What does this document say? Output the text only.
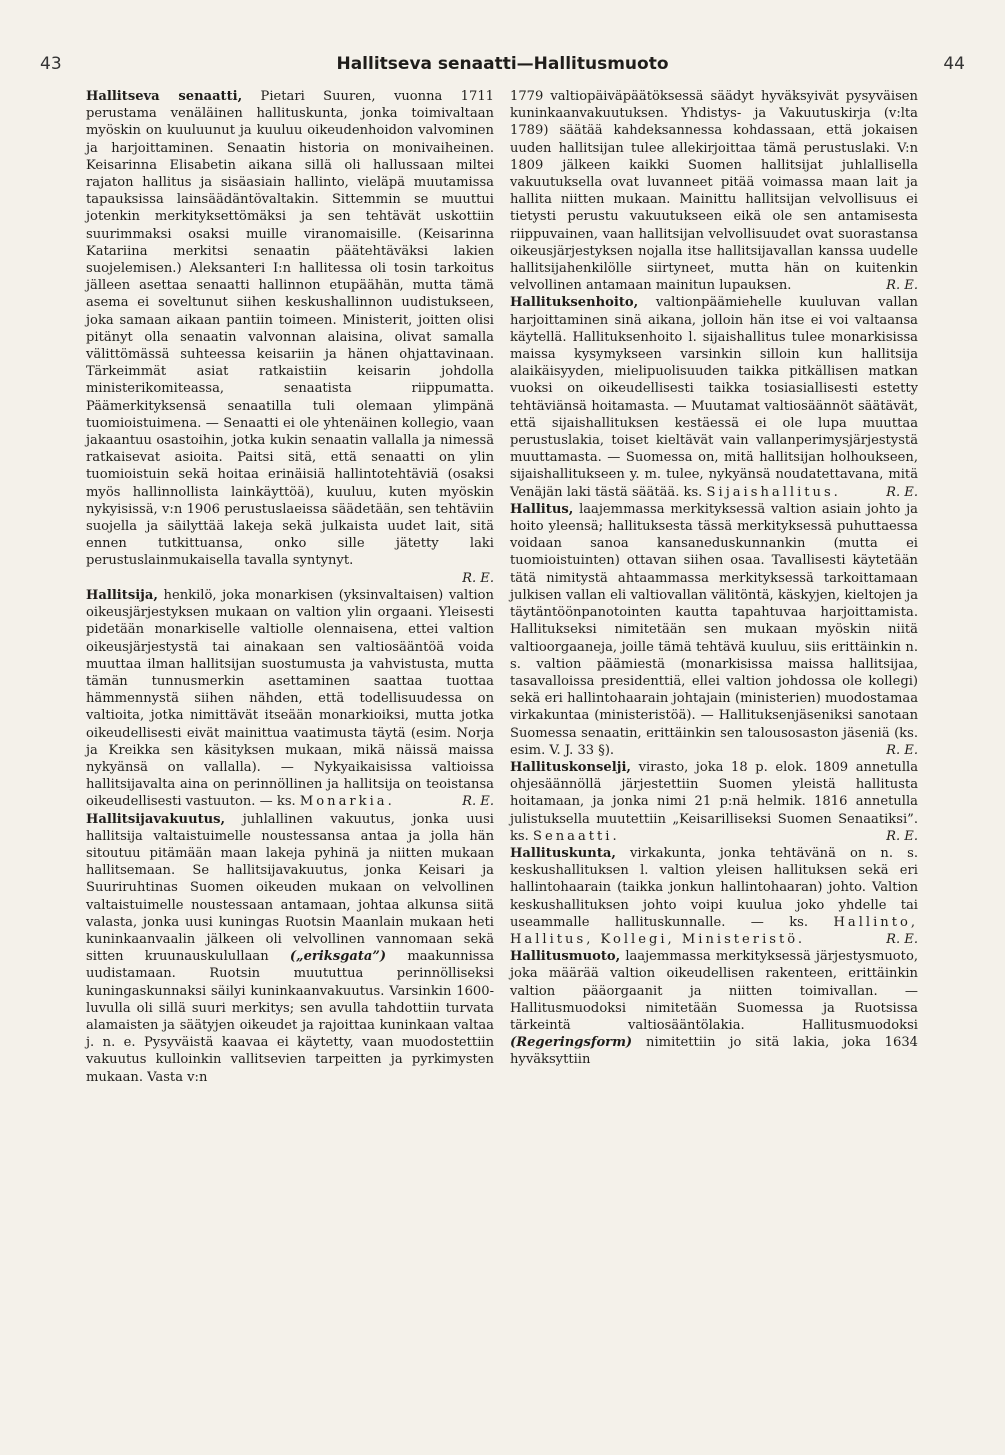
43	Hallitseva senaatti—Hallitusmuoto	44

Hallitseva senaatti, Pietari Suuren, vuonna 1711 perustama venäläinen hallituskunta, jonka toimivaltaan myöskin on kuuluunut ja kuuluu oikeudenhoidon valvominen ja harjoittaminen. Senaatin historia on monivaiheinen. Keisarinna Elisabetin aikana sillä oli hallussaan miltei rajaton hallitus ja sisäasiain hallinto, vieläpä muutamissa tapauksissa lainsäädäntövaltakin. Sittemmin se muuttui jotenkin merkityksettömäksi ja sen tehtävät uskottiin suurimmaksi osaksi muille viranomaisille. (Keisarinna Katariina merkitsi senaatin päätehtäväksi lakien suojelemisen.) Aleksanteri I:n hallitessa oli tosin tarkoitus jälleen asettaa senaatti hallinnon etupäähän, mutta tämä asema ei soveltunut siihen keskushallinnon uudistukseen, joka samaan aikaan pantiin toimeen. Ministerit, joitten olisi pitänyt olla senaatin valvonnan alaisina, olivat samalla välittömässä suhteessa keisariin ja hänen ohjattavinaan. Tärkeimmät asiat ratkaistiin keisarin johdolla ministerikomiteassa, senaatista riippumatta. Päämerkityksensä senaatilla tuli olemaan ylimpänä tuomioistuimena. — Senaatti ei ole yhtenäinen kollegio, vaan jakaantuu osastoihin, jotka kukin senaatin vallalla ja nimessä ratkaisevat asioita. Paitsi sitä, että senaatti on ylin tuomioistuin sekä hoitaa erinäisiä hallintotehtäviä (osaksi myös hallinnollista lainkäyttöä), kuuluu, kuten myöskin nykyisissä, v:n 1906 perustuslaeissa säädetään, sen tehtäviin suojella ja säilyttää lakeja sekä julkaista uudet lait, sitä ennen tutkittuansa, onko sille jätetty laki perustuslainmukaisella tavalla syntynyt.

R. E.

Hallitsija, henkilö, joka monarkisen (yksinvaltaisen) valtion oikeusjärjestyksen mukaan on valtion ylin orgaani. Yleisesti pidetään monarkiselle valtiolle olennaisena, ettei valtion oikeusjärjestystä tai ainakaan sen valtiosääntöä voida muuttaa ilman hallitsijan suostumusta ja vahvistusta, mutta tämän tunnusmerkin asettaminen saattaa tuottaa hämmennystä siihen nähden, että todellisuudessa on valtioita, jotka nimittävät itseään monarkioiksi, mutta jotka oikeudellisesti eivät mainittua vaatimusta täytä (esim. Norja ja Kreikka sen käsityksen mukaan, mikä näissä maissa nykyänsä on vallalla). — Nykyaikaisissa valtioissa hallitsijavalta aina on perinnöllinen ja hallitsija on teoistansa oikeudellisesti vastuuton. — ks. Monarkia.	R. E.

Hallitsijavakuutus, juhlallinen vakuutus, jonka uusi hallitsija valtaistuimelle noustessansa antaa ja jolla hän sitoutuu pitämään maan lakeja pyhinä ja niitten mukaan hallitsemaan. Se hallitsijavakuutus, jonka Keisari ja Suuriruhtinas Suomen oikeuden mukaan on velvollinen valtaistuimelle noustessaan antamaan, johtaa alkunsa siitä valasta, jonka uusi kuningas Ruotsin Maanlain mukaan heti kuninkaanvaalin jälkeen oli velvollinen vannomaan sekä sitten kruunauskulullaan („eriksgata”) maakunnissa uudistamaan. Ruotsin muututtua perinnölliseksi kuningaskunnaksi säilyi kuninkaanvakuutus. Varsinkin 1600-luvulla oli sillä suuri merkitys; sen avulla tahdottiin turvata alamaisten ja säätyjen oikeudet ja rajoittaa kuninkaan valtaa j. n. e. Pysyväistä kaavaa ei käytetty, vaan muodostettiin vakuutus kulloinkin vallitsevien tarpeitten ja pyrkimysten mukaan. Vasta v:n

1779 valtiopäiväpäätöksessä säädyt hyväksyivät pysyväisen kuninkaanvakuutuksen. Yhdistys- ja Vakuutuskirja (v:lta 1789) säätää kahdeksannessa kohdassaan, että jokaisen uuden hallitsijan tulee allekirjoittaa tämä perustuslaki. V:n 1809 jälkeen kaikki Suomen hallitsijat juhlallisella vakuutuksella ovat luvanneet pitää voimassa maan lait ja hallita niitten mukaan. Mainittu hallitsijan velvollisuus ei tietysti perustu vakuutukseen eikä ole sen antamisesta riippuvainen, vaan hallitsijan velvollisuudet ovat suorastansa oikeusjärjestyksen nojalla itse hallitsijavallan kanssa uudelle hallitsijahenkilölle siirtyneet, mutta hän on kuitenkin velvollinen antamaan mainitun lupauksen.	R. E.

Hallituksenhoito, valtionpäämiehelle kuuluvan vallan harjoittaminen sinä aikana, jolloin hän itse ei voi valtaansa käytellä. Hallituksenhoito l. sijaishallitus tulee monarkisissa maissa kysymykseen varsinkin silloin kun hallitsija alaikäisyyden, mielipuolisuuden taikka pitkällisen matkan vuoksi on oikeudellisesti taikka tosiasiallisesti estetty tehtäviänsä hoitamasta. — Muutamat valtiosäännöt säätävät, että sijaishallituksen kestäessä ei ole lupa muuttaa perustuslakia, toiset kieltävät vain vallanperimysjärjestystä muuttamasta. — Suomessa on, mitä hallitsijan holhoukseen, sijaishallitukseen y. m. tulee, nykyänsä noudatettavana, mitä Venäjän laki tästä säätää. ks. Sijaishallitus.	R. E.

Hallitus, laajemmassa merkityksessä valtion asiain johto ja hoito yleensä; hallituksesta tässä merkityksessä puhuttaessa voidaan sanoa kansaneduskunnankin (mutta ei tuomioistuinten) ottavan siihen osaa. Tavallisesti käytetään tätä nimitystä ahtaammassa merkityksessä tarkoittamaan julkisen vallan eli valtiovallan välitöntä, käskyjen, kieltojen ja täytäntöönpanotointen kautta tapahtuvaa harjoittamista. Hallitukseksi nimitetään sen mukaan myöskin niitä valtioorgaaneja, joille tämä tehtävä kuuluu, siis erittäinkin n. s. valtion päämiestä (monarkisissa maissa hallitsijaa, tasavalloissa presidenttiä, ellei valtion johdossa ole kollegi) sekä eri hallintohaarain johtajain (ministerien) muodostamaa virkakuntaa (ministeristöä). — Hallituksenjäseniksi sanotaan Suomessa senaatin, erittäinkin sen talousosaston jäseniä (ks. esim. V. J. 33 §).	R. E.

Hallituskonselji, virasto, joka 18 p. elok. 1809 annetulla ohjesäännöllä järjestettiin Suomen yleistä hallitusta hoitamaan, ja jonka nimi 21 p:nä helmik. 1816 annetulla julistuksella muutettiin „Keisarilliseksi Suomen Senaatiksi”. ks. Senaatti.	R. E.

Hallituskunta, virkakunta, jonka tehtävänä on n. s. keskushallituksen l. valtion yleisen hallituksen sekä eri hallintohaarain (taikka jonkun hallintohaaran) johto. Valtion keskushallituksen johto voipi kuulua joko yhdelle tai useammalle hallituskunnalle. — ks. Hallinto, Hallitus, Kollegi, Ministeristö.	R. E.

Hallitusmuoto, laajemmassa merkityksessä järjestysmuoto, joka määrää valtion oikeudellisen rakenteen, erittäinkin valtion pääorgaanit ja niitten toimivallan. — Hallitusmuodoksi nimitetään Suomessa ja Ruotsissa tärkeintä valtiosääntölakia. Hallitusmuodoksi (Regeringsform) nimitettiin jo sitä lakia, joka 1634 hyväksyttiin
